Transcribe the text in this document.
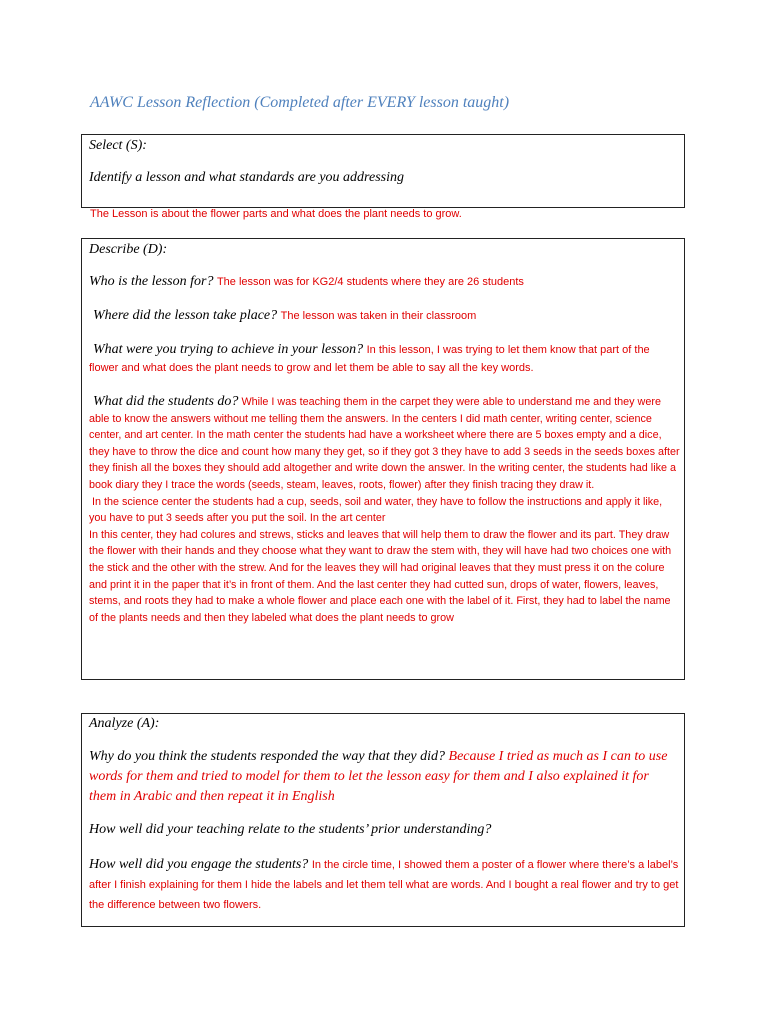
AAWC Lesson Reflection (Completed after EVERY lesson taught)
Select (S):
Identify a lesson and what standards are you addressing
The Lesson is about the flower parts and what does the plant needs to grow.
Describe (D):
Who is the lesson for? The lesson was for KG2/4 students where they are 26 students
Where did the lesson take place? The lesson was taken in their classroom
What were you trying to achieve in your lesson? In this lesson, I was trying to let them know that part of the flower and what does the plant needs to grow and let them be able to say all the key words.
What did the students do? While I was teaching them in the carpet they were able to understand me and they were able to know the answers without me telling them the answers. In the centers I did math center, writing center, science center, and art center. In the math center the students had have a worksheet where there are 5 boxes empty and a dice, they have to throw the dice and count how many they get, so if they got 3 they have to add 3 seeds in the seeds boxes after they finish all the boxes they should add altogether and write down the answer. In the writing center, the students had like a book diary they I trace the words (seeds, steam, leaves, roots, flower) after they finish tracing they draw it.
In the science center the students had a cup, seeds, soil and water, they have to follow the instructions and apply it like, you have to put 3 seeds after you put the soil. In the art center
In this center, they had colures and strews, sticks and leaves that will help them to draw the flower and its part. They draw the flower with their hands and they choose what they want to draw the stem with, they will have had two choices one with the stick and the other with the strew. And for the leaves they will had original leaves that they must press it on the colure and print it in the paper that it’s in front of them. And the last center they had cutted sun, drops of water, flowers, leaves, stems, and roots they had to make a whole flower and place each one with the label of it. First, they had to label the name of the plants needs and then they labeled what does the plant needs to grow
Analyze (A):
Why do you think the students responded the way that they did? Because I tried as much as I can to use words for them and tried to model for them to let the lesson easy for them and I also explained it for them in Arabic and then repeat it in English
How well did your teaching relate to the students’ prior understanding?
How well did you engage the students? In the circle time, I showed them a poster of a flower where there’s a label’s after I finish explaining for them I hide the labels and let them tell what are words. And I bought a real flower and try to get the difference between two flowers.
